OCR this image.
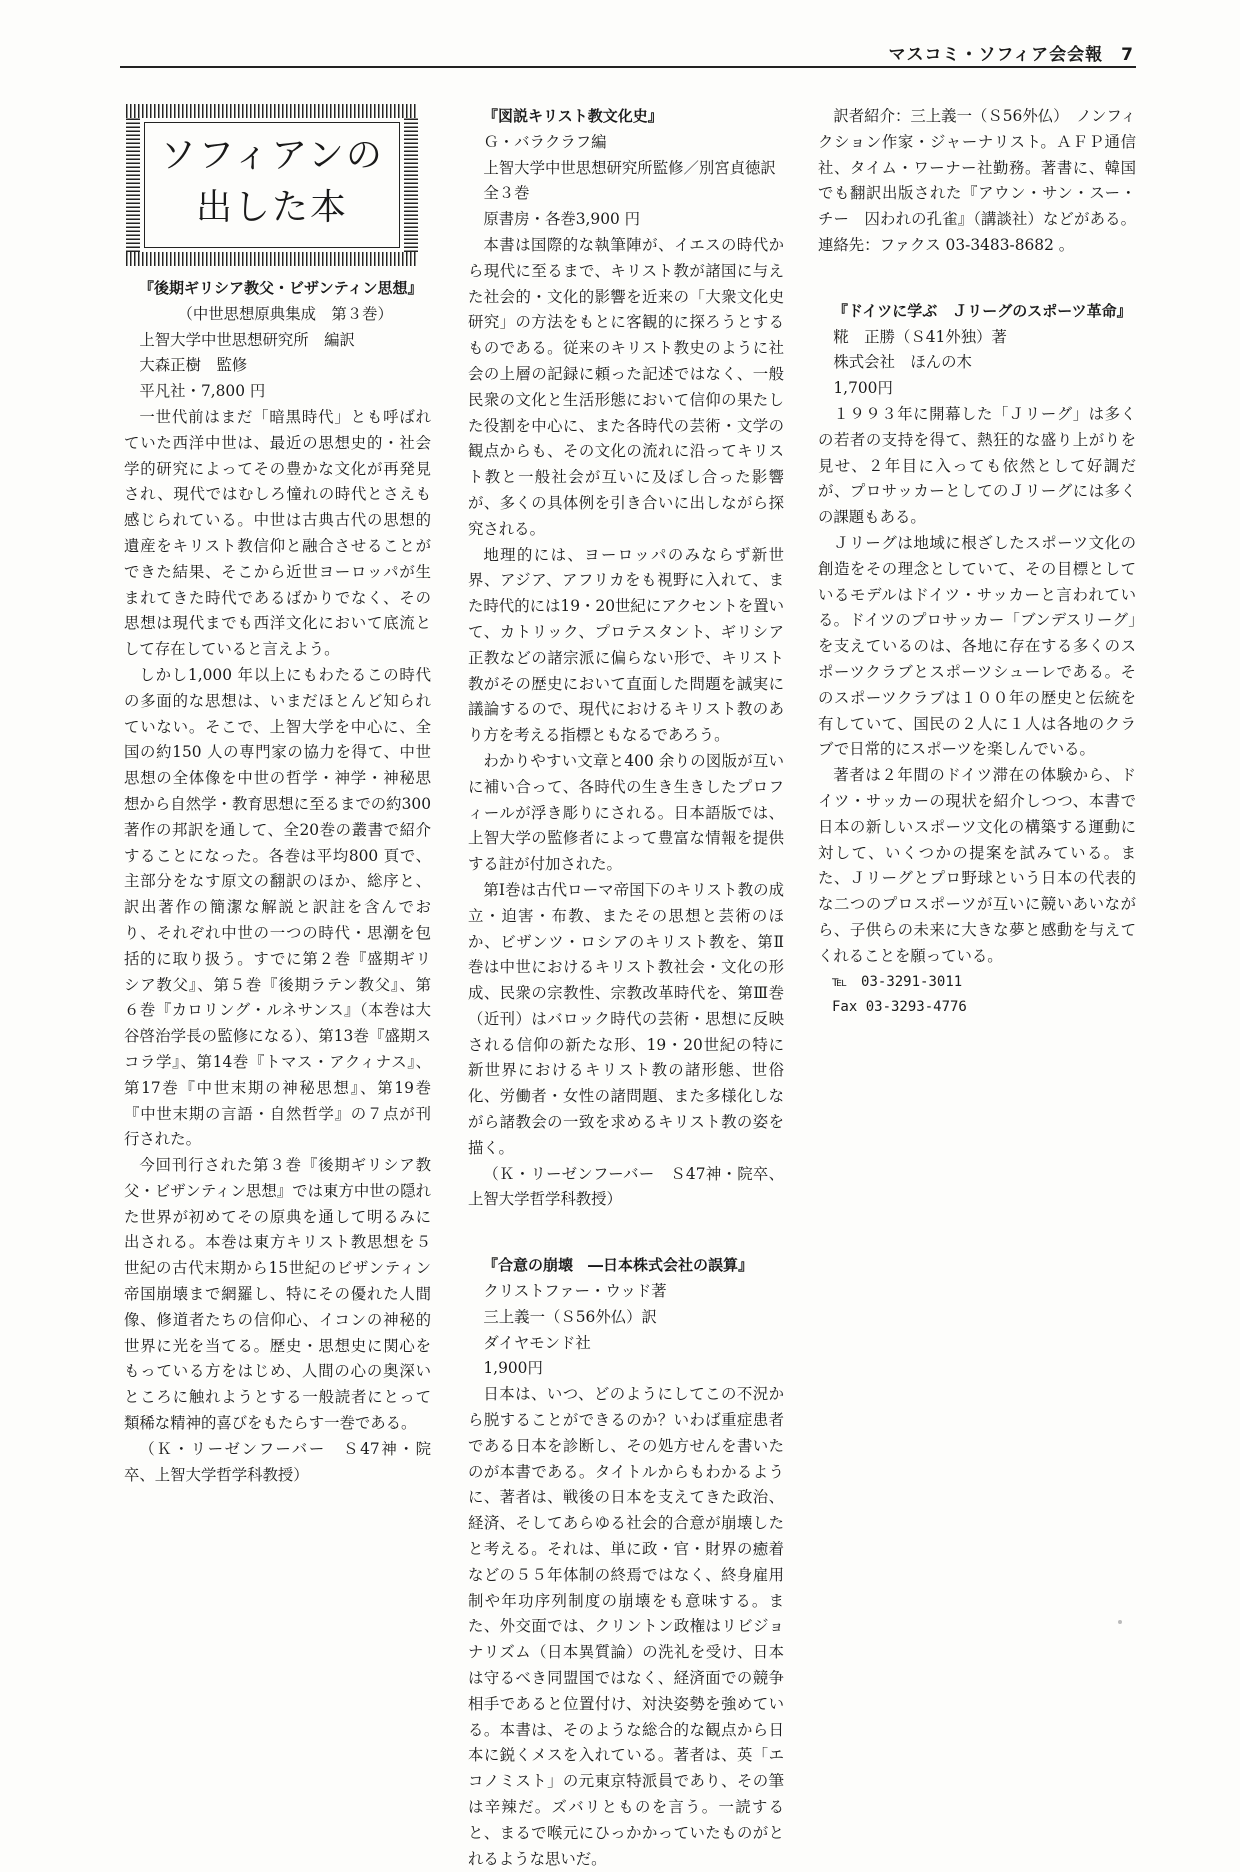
マスコミ・ソフィア会会報　7
ソフィアンの
出した本

『後期ギリシア教父・ビザンティン思想』

（中世思想原典集成　第３巻）

上智大学中世思想研究所　編訳

大森正樹　監修

平凡社・7,800 円

一世代前はまだ「暗黒時代」とも呼ばれていた西洋中世は、最近の思想史的・社会学的研究によってその豊かな文化が再発見され、現代ではむしろ憧れの時代とさえも感じられている。中世は古典古代の思想的遺産をキリスト教信仰と融合させることができた結果、そこから近世ヨーロッパが生まれてきた時代であるばかりでなく、その思想は現代までも西洋文化において底流として存在していると言えよう。

しかし1,000 年以上にもわたるこの時代の多面的な思想は、いまだほとんど知られていない。そこで、上智大学を中心に、全国の約150 人の専門家の協力を得て、中世思想の全体像を中世の哲学・神学・神秘思想から自然学・教育思想に至るまでの約300 著作の邦訳を通して、全20巻の叢書で紹介することになった。各巻は平均800 頁で、主部分をなす原文の翻訳のほか、総序と、訳出著作の簡潔な解説と訳註を含んでおり、それぞれ中世の一つの時代・思潮を包括的に取り扱う。すでに第２巻『盛期ギリシア教父』、第５巻『後期ラテン教父』、第６巻『カロリング・ルネサンス』（本巻は大谷啓治学長の監修になる）、第13巻『盛期スコラ学』、第14巻『トマス・アクィナス』、第17巻『中世末期の神秘思想』、第19巻『中世末期の言語・自然哲学』の７点が刊行された。

今回刊行された第３巻『後期ギリシア教父・ビザンティン思想』では東方中世の隠れた世界が初めてその原典を通して明るみに出される。本巻は東方キリスト教思想を５世紀の古代末期から15世紀のビザンティン帝国崩壊まで網羅し、特にその優れた人間像、修道者たちの信仰心、イコンの神秘的世界に光を当てる。歴史・思想史に関心をもっている方をはじめ、人間の心の奥深いところに触れようとする一般読者にとって類稀な精神的喜びをもたらす一巻である。

（Ｋ・リーゼンフーバー　Ｓ47神・院卒、上智大学哲学科教授）

『図説キリスト教文化史』

Ｇ・バラクラフ編

上智大学中世思想研究所監修／別宮貞徳訳

全３巻

原書房・各巻3,900 円

本書は国際的な執筆陣が、イエスの時代から現代に至るまで、キリスト教が諸国に与えた社会的・文化的影響を近来の「大衆文化史研究」の方法をもとに客観的に探ろうとするものである。従来のキリスト教史のように社会の上層の記録に頼った記述ではなく、一般民衆の文化と生活形態において信仰の果たした役割を中心に、また各時代の芸術・文学の観点からも、その文化の流れに沿ってキリスト教と一般社会が互いに及ぼし合った影響が、多くの具体例を引き合いに出しながら探究される。

地理的には、ヨーロッパのみならず新世界、アジア、アフリカをも視野に入れて、また時代的には19・20世紀にアクセントを置いて、カトリック、プロテスタント、ギリシア正教などの諸宗派に偏らない形で、キリスト教がその歴史において直面した問題を誠実に議論するので、現代におけるキリスト教のあり方を考える指標ともなるであろう。

わかりやすい文章と400 余りの図版が互いに補い合って、各時代の生き生きしたプロフィールが浮き彫りにされる。日本語版では、上智大学の監修者によって豊富な情報を提供する註が付加された。

第Ⅰ巻は古代ローマ帝国下のキリスト教の成立・迫害・布教、またその思想と芸術のほか、ビザンツ・ロシアのキリスト教を、第Ⅱ巻は中世におけるキリスト教社会・文化の形成、民衆の宗教性、宗教改革時代を、第Ⅲ巻（近刊）はバロック時代の芸術・思想に反映される信仰の新たな形、19・20世紀の特に新世界におけるキリスト教の諸形態、世俗化、労働者・女性の諸問題、また多様化しながら諸教会の一致を求めるキリスト教の姿を描く。

（Ｋ・リーゼンフーバー　Ｓ47神・院卒、上智大学哲学科教授）

『合意の崩壊　―日本株式会社の誤算』

クリストファー・ウッド著

三上義一（Ｓ56外仏）訳

ダイヤモンド社

1,900円

日本は、いつ、どのようにしてこの不況から脱することができるのか？いわば重症患者である日本を診断し、その処方せんを書いたのが本書である。タイトルからもわかるように、著者は、戦後の日本を支えてきた政治、経済、そしてあらゆる社会的合意が崩壊したと考える。それは、単に政・官・財界の癒着などの５５年体制の終焉ではなく、終身雇用制や年功序列制度の崩壊をも意味する。また、外交面では、クリントン政権はリビジョナリズム（日本異質論）の洗礼を受け、日本は守るべき同盟国ではなく、経済面での競争相手であると位置付け、対決姿勢を強めている。本書は、そのような総合的な観点から日本に鋭くメスを入れている。著者は、英「エコノミスト」の元東京特派員であり、その筆は辛辣だ。ズバリとものを言う。一読すると、まるで喉元にひっかかっていたものがとれるような思いだ。

訳者紹介：三上義一（Ｓ56外仏）　ノンフィクション作家・ジャーナリスト。ＡＦＰ通信社、タイム・ワーナー社勤務。著書に、韓国でも翻訳出版された『アウン・サン・スー・チー　囚われの孔雀』（講談社）などがある。連絡先：ファクス 03-3483-8682 。

『ドイツに学ぶ　Ｊリーグのスポーツ革命』

糀　正勝（Ｓ41外独）著

株式会社　ほんの木

1,700円

１９９３年に開幕した「Ｊリーグ」は多くの若者の支持を得て、熱狂的な盛り上がりを見せ、２年目に入っても依然として好調だが、プロサッカーとしてのＪリーグには多くの課題もある。

Ｊリーグは地域に根ざしたスポーツ文化の創造をその理念としていて、その目標としているモデルはドイツ・サッカーと言われている。ドイツのプロサッカー「ブンデスリーグ」を支えているのは、各地に存在する多くのスポーツクラブとスポーツシューレである。そのスポーツクラブは１００年の歴史と伝統を有していて、国民の２人に１人は各地のクラブで日常的にスポーツを楽しんでいる。

著者は２年間のドイツ滞在の体験から、ドイツ・サッカーの現状を紹介しつつ、本書で日本の新しいスポーツ文化の構築する運動に対して、いくつかの提案を試みている。また、Ｊリーグとプロ野球という日本の代表的な二つのプロスポーツが互いに競いあいながら、子供らの未来に大きな夢と感動を与えてくれることを願っている。

℡　03-3291-3011

Fax 03-3293-4776
